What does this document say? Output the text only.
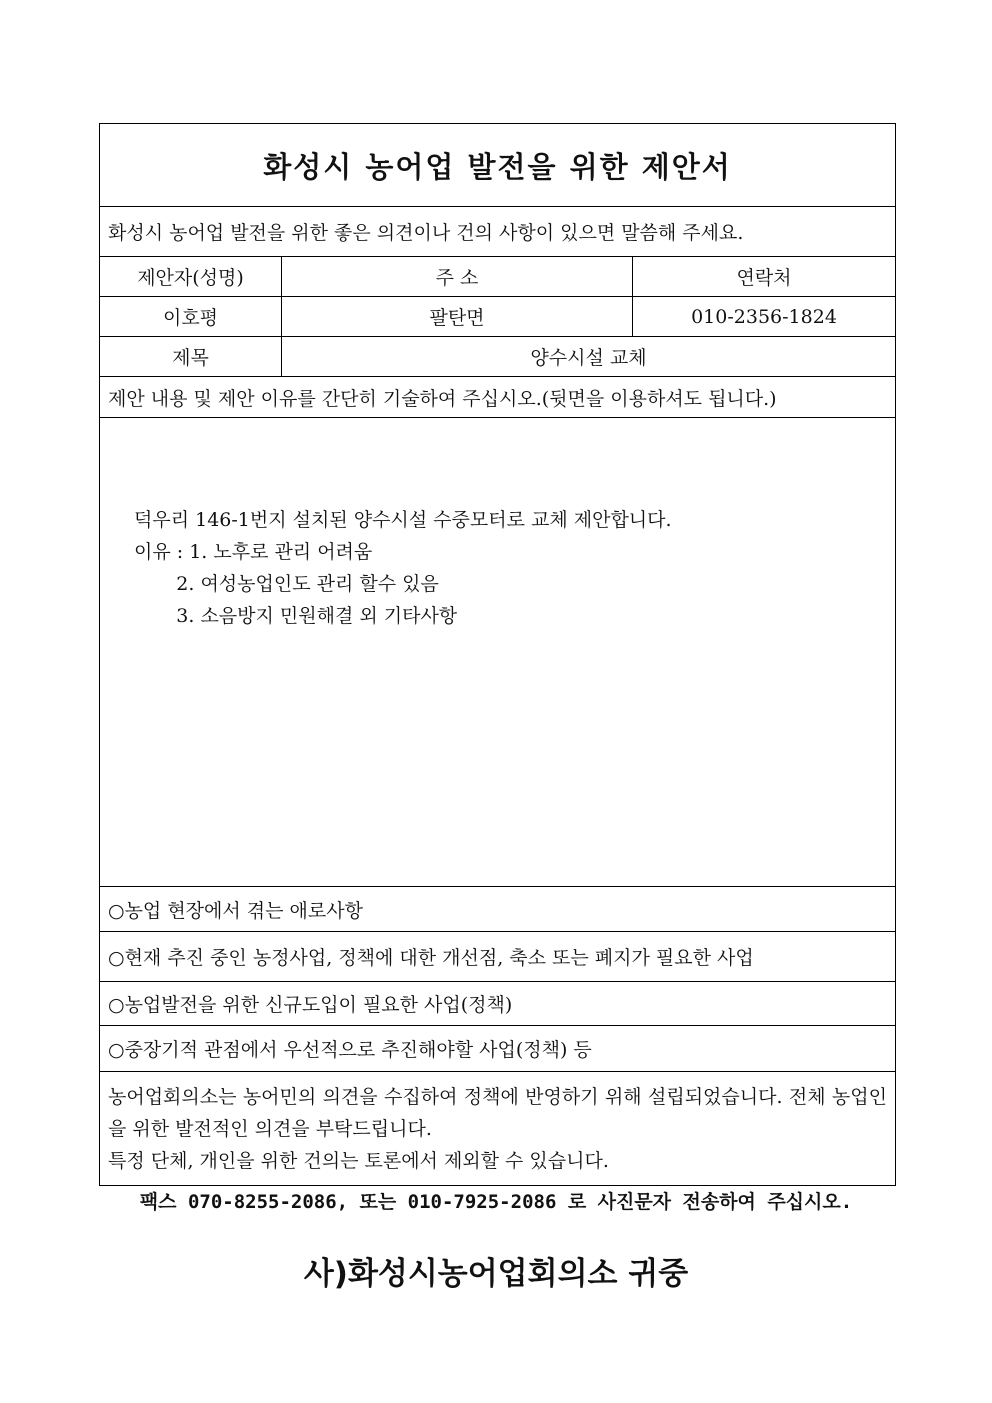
화성시 농어업 발전을 위한 제안서
화성시 농어업 발전을 위한 좋은 의견이나 건의 사항이 있으면 말씀해 주세요.
제안자(성명)	주 소	연락처
이호평	팔탄면	010-2356-1824
제목	양수시설 교체
제안 내용 및 제안 이유를 간단히 기술하여 주십시오.(뒷면을 이용하셔도 됩니다.)
덕우리 146-1번지 설치된 양수시설 수중모터로 교체 제안합니다.
이유 : 1. 노후로 관리 어려움
2. 여성농업인도 관리 할수 있음
3. 소음방지 민원해결 외 기타사항
○농업 현장에서 겪는 애로사항
○현재 추진 중인 농정사업, 정책에 대한 개선점, 축소 또는 폐지가 필요한 사업
○농업발전을 위한 신규도입이 필요한 사업(정책)
○중장기적 관점에서 우선적으로 추진해야할 사업(정책) 등

농어업회의소는 농어민의 의견을 수집하여 정책에 반영하기 위해 설립되었습니다. 전체 농업인을 위한 발전적인 의견을 부탁드립니다.

특정 단체, 개인을 위한 건의는 토론에서 제외할 수 있습니다.

팩스 070-8255-2086, 또는 010-7925-2086 로 사진문자 전송하여 주십시오.
사)화성시농어업회의소 귀중
